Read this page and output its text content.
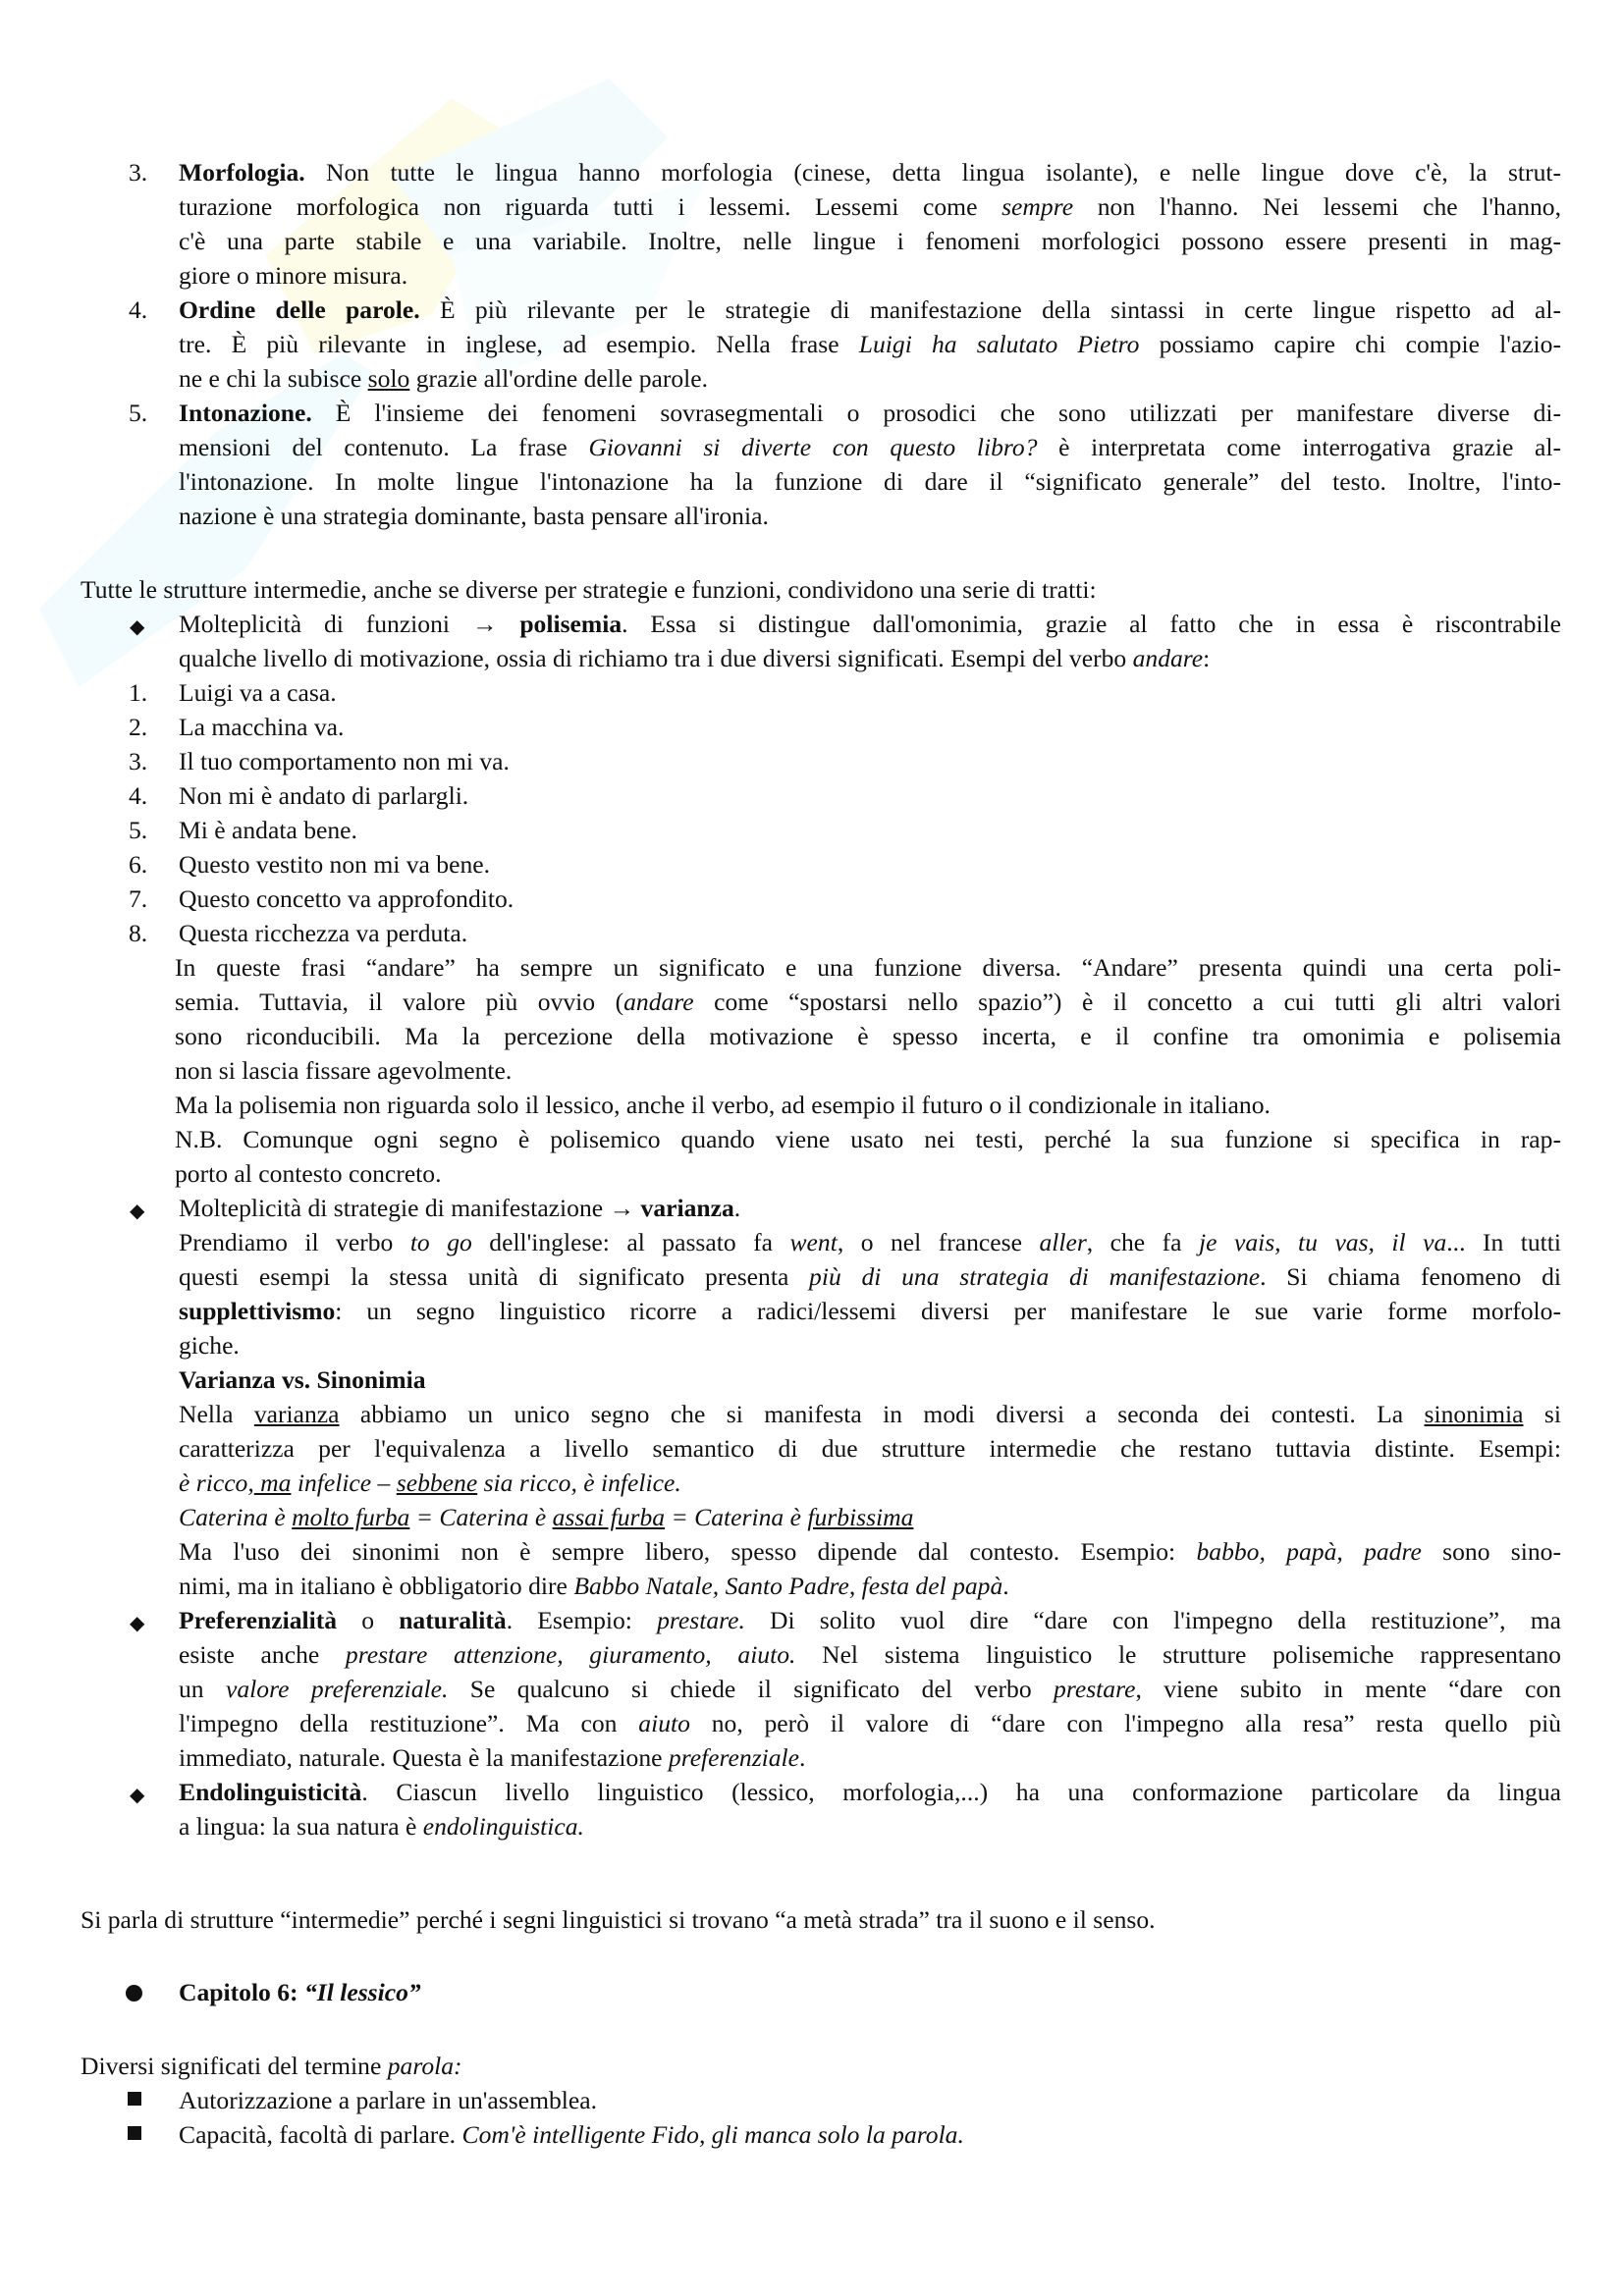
3. Morfologia. Non tutte le lingua hanno morfologia (cinese, detta lingua isolante), e nelle lingue dove c'è, la strut-
turazione morfologica non riguarda tutti i lessemi. Lessemi come sempre non l'hanno. Nei lessemi che l'hanno,
c'è una parte stabile e una variabile. Inoltre, nelle lingue i fenomeni morfologici possono essere presenti in mag-
giore o minore misura.
4. Ordine delle parole. È più rilevante per le strategie di manifestazione della sintassi in certe lingue rispetto ad al-
tre. È più rilevante in inglese, ad esempio. Nella frase Luigi ha salutato Pietro possiamo capire chi compie l'azio-
ne e chi la subisce solo grazie all'ordine delle parole.
5. Intonazione. È l'insieme dei fenomeni sovrasegmentali o prosodici che sono utilizzati per manifestare diverse di-
mensioni del contenuto. La frase Giovanni si diverte con questo libro? è interpretata come interrogativa grazie al-
l'intonazione. In molte lingue l'intonazione ha la funzione di dare il “significato generale” del testo. Inoltre, l'into-
nazione è una strategia dominante, basta pensare all'ironia.
Tutte le strutture intermedie, anche se diverse per strategie e funzioni, condividono una serie di tratti:
◆ Molteplicità di funzioni → polisemia. Essa si distingue dall'omonimia, grazie al fatto che in essa è riscontrabile
qualche livello di motivazione, ossia di richiamo tra i due diversi significati. Esempi del verbo andare:
1. Luigi va a casa.
2. La macchina va.
3. Il tuo comportamento non mi va.
4. Non mi è andato di parlargli.
5. Mi è andata bene.
6. Questo vestito non mi va bene.
7. Questo concetto va approfondito.
8. Questa ricchezza va perduta.
In queste frasi “andare” ha sempre un significato e una funzione diversa. “Andare” presenta quindi una certa poli-
semia. Tuttavia, il valore più ovvio (andare come “spostarsi nello spazio”) è il concetto a cui tutti gli altri valori
sono riconducibili. Ma la percezione della motivazione è spesso incerta, e il confine tra omonimia e polisemia
non si lascia fissare agevolmente.
Ma la polisemia non riguarda solo il lessico, anche il verbo, ad esempio il futuro o il condizionale in italiano.
N.B. Comunque ogni segno è polisemico quando viene usato nei testi, perché la sua funzione si specifica in rap-
porto al contesto concreto.
◆ Molteplicità di strategie di manifestazione → varianza.
Prendiamo il verbo to go dell'inglese: al passato fa went, o nel francese aller, che fa je vais, tu vas, il va... In tutti
questi esempi la stessa unità di significato presenta più di una strategia di manifestazione. Si chiama fenomeno di
supplettivismo: un segno linguistico ricorre a radici/lessemi diversi per manifestare le sue varie forme morfolo-
giche.
Varianza vs. Sinonimia
Nella varianza abbiamo un unico segno che si manifesta in modi diversi a seconda dei contesti. La sinonimia si
caratterizza per l'equivalenza a livello semantico di due strutture intermedie che restano tuttavia distinte. Esempi:
è ricco, ma infelice – sebbene sia ricco, è infelice.
Caterina è molto furba = Caterina è assai furba = Caterina è furbissima
Ma l'uso dei sinonimi non è sempre libero, spesso dipende dal contesto. Esempio: babbo, papà, padre sono sino-
nimi, ma in italiano è obbligatorio dire Babbo Natale, Santo Padre, festa del papà.
◆ Preferenzialità o naturalità. Esempio: prestare. Di solito vuol dire “dare con l'impegno della restituzione”, ma
esiste anche prestare attenzione, giuramento, aiuto. Nel sistema linguistico le strutture polisemiche rappresentano
un valore preferenziale. Se qualcuno si chiede il significato del verbo prestare, viene subito in mente “dare con
l'impegno della restituzione”. Ma con aiuto no, però il valore di “dare con l'impegno alla resa” resta quello più
immediato, naturale. Questa è la manifestazione preferenziale.
◆ Endolinguisticità. Ciascun livello linguistico (lessico, morfologia,...) ha una conformazione particolare da lingua
a lingua: la sua natura è endolinguistica.
Si parla di strutture “intermedie” perché i segni linguistici si trovano “a metà strada” tra il suono e il senso.
Capitolo 6: “Il lessico”
Diversi significati del termine parola:
Autorizzazione a parlare in un'assemblea.
Capacità, facoltà di parlare. Com'è intelligente Fido, gli manca solo la parola.
